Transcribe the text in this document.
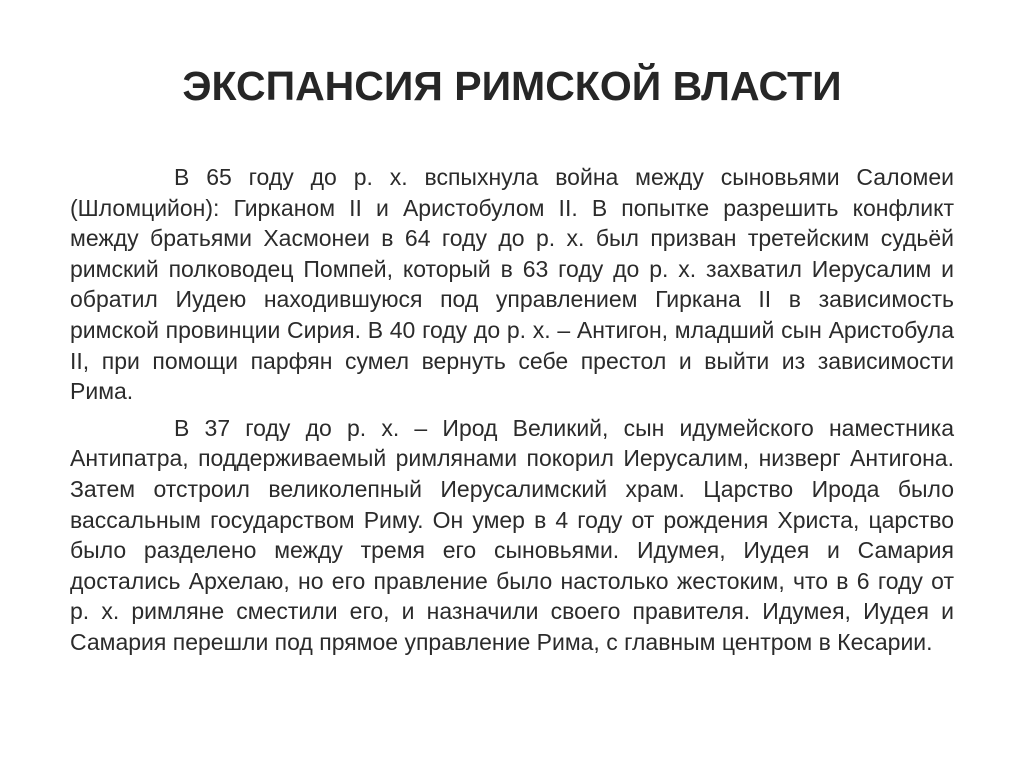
ЭКСПАНСИЯ РИМСКОЙ ВЛАСТИ

В 65 году до р. х. вспыхнула война между сыновьями Саломеи (Шломцийон): Гирканом II и Аристобулом II. В попытке разрешить конфликт между братьями Хасмонеи в 64 году до р. х. был призван третейским судьёй римский полководец Помпей, который в 63 году до р. х. захватил Иерусалим и обратил Иудею находившуюся под управлением Гиркана II в зависимость римской провинции Сирия. В 40 году до р. х. – Антигон, младший сын Аристобула II, при помощи парфян сумел вернуть себе престол и выйти из зависимости Рима.

В 37 году до р. х. – Ирод Великий, сын идумейского наместника Антипатра, поддерживаемый римлянами покорил Иерусалим, низверг Антигона. Затем отстроил великолепный Иерусалимский храм. Царство Ирода было вассальным государством Риму. Он умер в 4 году от рождения Христа, царство было разделено между тремя его сыновьями. Идумея, Иудея и Самария достались Архелаю, но его правление было настолько жестоким, что в 6 году от р. х. римляне сместили его, и назначили своего правителя. Идумея, Иудея и Самария перешли под прямое управление Рима, с главным центром в Кесарии.
